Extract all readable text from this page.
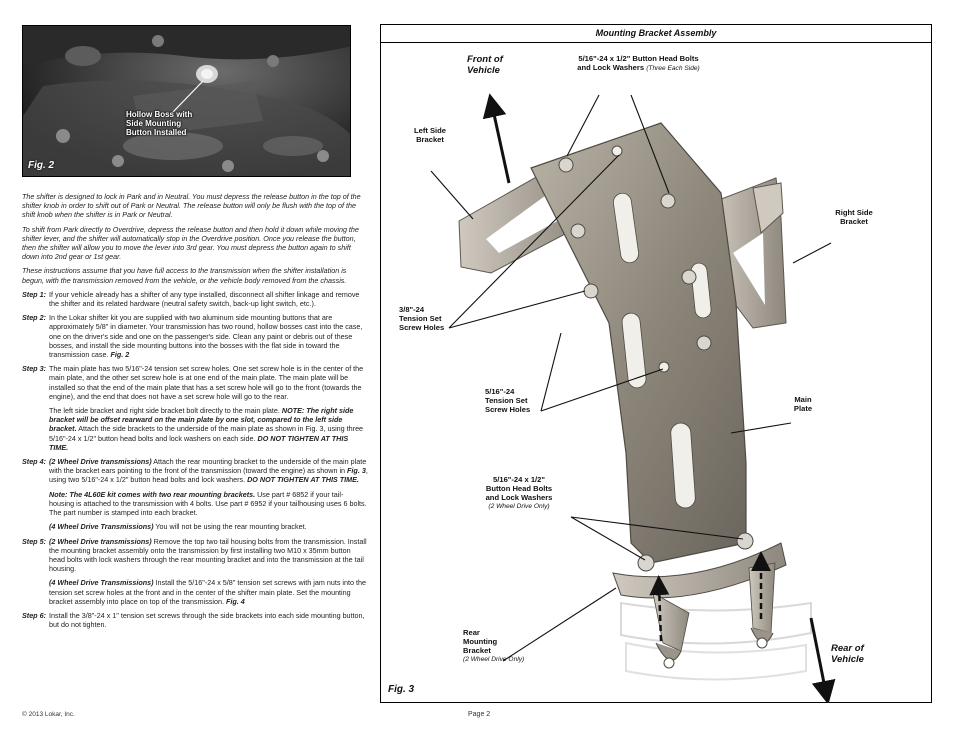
Hollow Boss with
Side Mounting
Button Installed
Fig. 2

The shifter is designed to lock in Park and in Neutral. You must depress the release button in the top of the shifter knob in order to shift out of Park or Neutral. The release button will only be flush with the top of the shift knob when the shifter is in Park or Neutral.

To shift from Park directly to Overdrive, depress the release button and then hold it down while moving the shifter lever, and the shifter will automatically stop in the Overdrive position. Once you release the button, then the shifter will allow you to move the lever into 3rd gear. You must depress the button again to shift down into 2nd gear or 1st gear.

These instructions assume that you have full access to the transmission when the shifter installation is begun, with the transmission removed from the vehicle, or the vehicle body removed from the chassis.

Step 1: If your vehicle already has a shifter of any type installed, disconnect all shifter linkage and remove the shifter and its related hardware (neutral safety switch, back-up light switch, etc.).
Step 2: In the Lokar shifter kit you are supplied with two aluminum side mounting buttons that are approximately 5/8" in diameter. Your transmission has two round, hollow bosses cast into the case, one on the driver's side and one on the passenger's side. Clean any paint or debris out of these bosses, and install the side mounting buttons into the bosses with the flat side in toward the transmission case. Fig. 2
Step 3: The main plate has two 5/16"-24 tension set screw holes. One set screw hole is in the center of the main plate, and the other set screw hole is at one end of the main plate. The main plate will be installed so that the end of the main plate that has a set screw hole will go to the front (towards the engine), and the end that does not have a set screw hole will go to the rear.
The left side bracket and right side bracket bolt directly to the main plate. NOTE: The right side bracket will be offset rearward on the main plate by one slot, compared to the left side bracket. Attach the side brackets to the underside of the main plate as shown in Fig. 3, using three 5/16"-24 x 1/2" button head bolts and lock washers on each side. DO NOT TIGHTEN AT THIS TIME.
Step 4: (2 Wheel Drive transmissions) Attach the rear mounting bracket to the underside of the main plate with the bracket ears pointing to the front of the transmission (toward the engine) as shown in Fig. 3, using two 5/16"-24 x 1/2" button head bolts and lock washers. DO NOT TIGHTEN AT THIS TIME.
Note: The 4L60E kit comes with two rear mounting brackets. Use part # 6852 if your tail-housing is attached to the transmission with 4 bolts. Use part # 6952 if your tailhousing uses 6 bolts. The part number is stamped into each bracket.
(4 Wheel Drive Transmissions) You will not be using the rear mounting bracket.
Step 5: (2 Wheel Drive transmissions) Remove the top two tail housing bolts from the transmission. Install the mounting bracket assembly onto the transmission by first installing two M10 x 35mm button head bolts with lock washers through the rear mounting bracket and into the transmission at the tail housing.
(4 Wheel Drive Transmissions) Install the 5/16"-24 x 5/8" tension set screws with jam nuts into the tension set screw holes at the front and in the center of the shifter main plate. Set the mounting bracket assembly into place on top of the transmission. Fig. 4
Step 6: Install the 3/8"-24 x 1" tension set screws through the side brackets into each side mounting button, but do not tighten.
Mounting Bracket Assembly
Front of
Vehicle
5/16"-24 x 1/2" Button Head Bolts
and Lock Washers (Three Each Side)
Left Side
Bracket
Right Side
Bracket
3/8"-24
Tension Set
Screw Holes
5/16"-24
Tension Set
Screw Holes
Main
Plate
5/16"-24 x 1/2"
Button Head Bolts
and Lock Washers
(2 Wheel Drive Only)
Rear
Mounting
Bracket
(2 Wheel Drive Only)
Rear of
Vehicle
Fig. 3
© 2013 Lokar, Inc.	Page 2
